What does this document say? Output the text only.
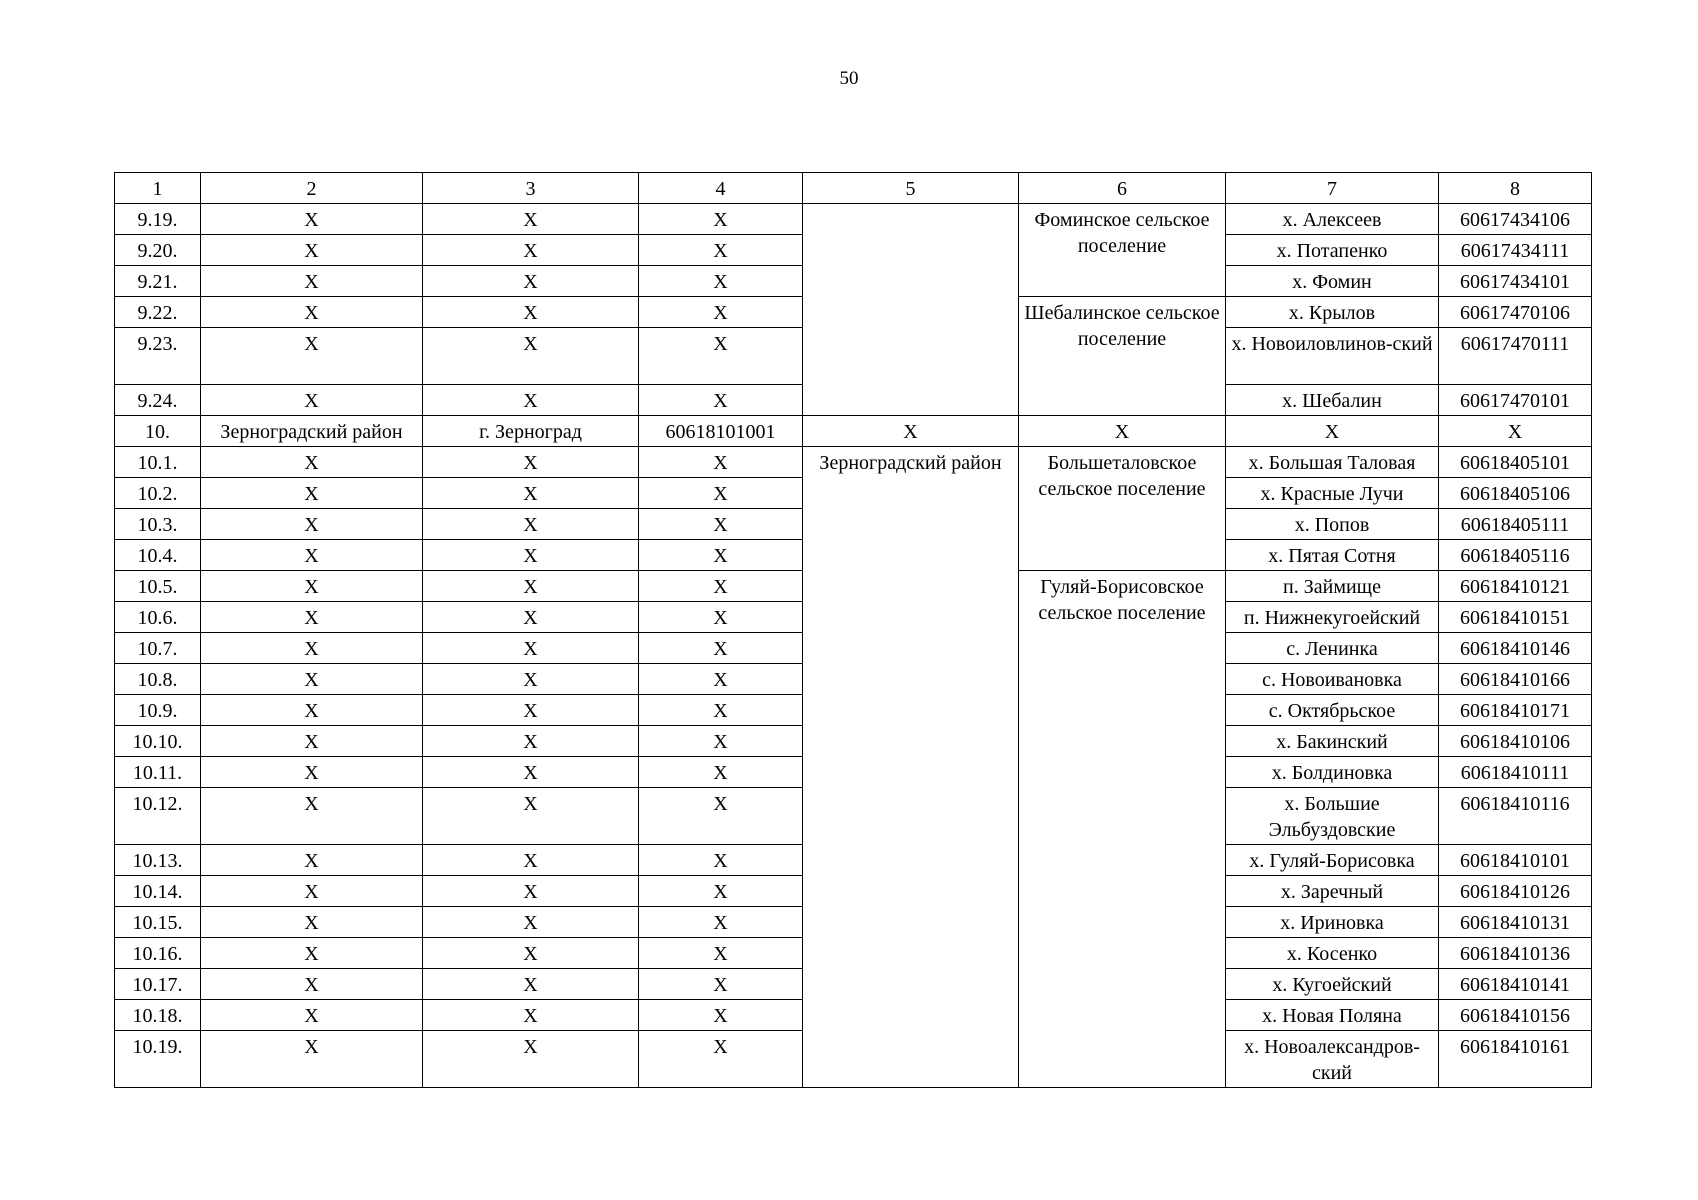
50
1	2	3	4	5	6	7	8
9.19.	X	X	X		Фоминское сельское поселение	х. Алексеев	60617434106
9.20.	X	X	X			х. Потапенко	60617434111
9.21.	X	X	X			х. Фомин	60617434101
9.22.	X	X	X		Шебалинское сельское поселение	х. Крылов	60617470106
9.23.	X	X	X			х. Новоиловлинов-ский	60617470111
9.24.	X	X	X			х. Шебалин	60617470101
10.	Зерноградский район	г. Зерноград	60618101001	X	X	X	X
10.1.	X	X	X	Зерноградский район	Большеталовское сельское поселение	х. Большая Таловая	60618405101
10.2.	X	X	X			х. Красные Лучи	60618405106
10.3.	X	X	X			х. Попов	60618405111
10.4.	X	X	X			х. Пятая Сотня	60618405116
10.5.	X	X	X		Гуляй-Борисовское сельское поселение	п. Займище	60618410121
10.6.	X	X	X			п. Нижнекугоейский	60618410151
10.7.	X	X	X			с. Ленинка	60618410146
10.8.	X	X	X			с. Новоивановка	60618410166
10.9.	X	X	X			с. Октябрьское	60618410171
10.10.	X	X	X			х. Бакинский	60618410106
10.11.	X	X	X			х. Болдиновка	60618410111
10.12.	X	X	X			х. Большие Эльбуздовские	60618410116
10.13.	X	X	X			х. Гуляй-Борисовка	60618410101
10.14.	X	X	X			х. Заречный	60618410126
10.15.	X	X	X			х. Ириновка	60618410131
10.16.	X	X	X			х. Косенко	60618410136
10.17.	X	X	X			х. Кугоейский	60618410141
10.18.	X	X	X			х. Новая Поляна	60618410156
10.19.	X	X	X			х. Новоалександров-ский	60618410161
